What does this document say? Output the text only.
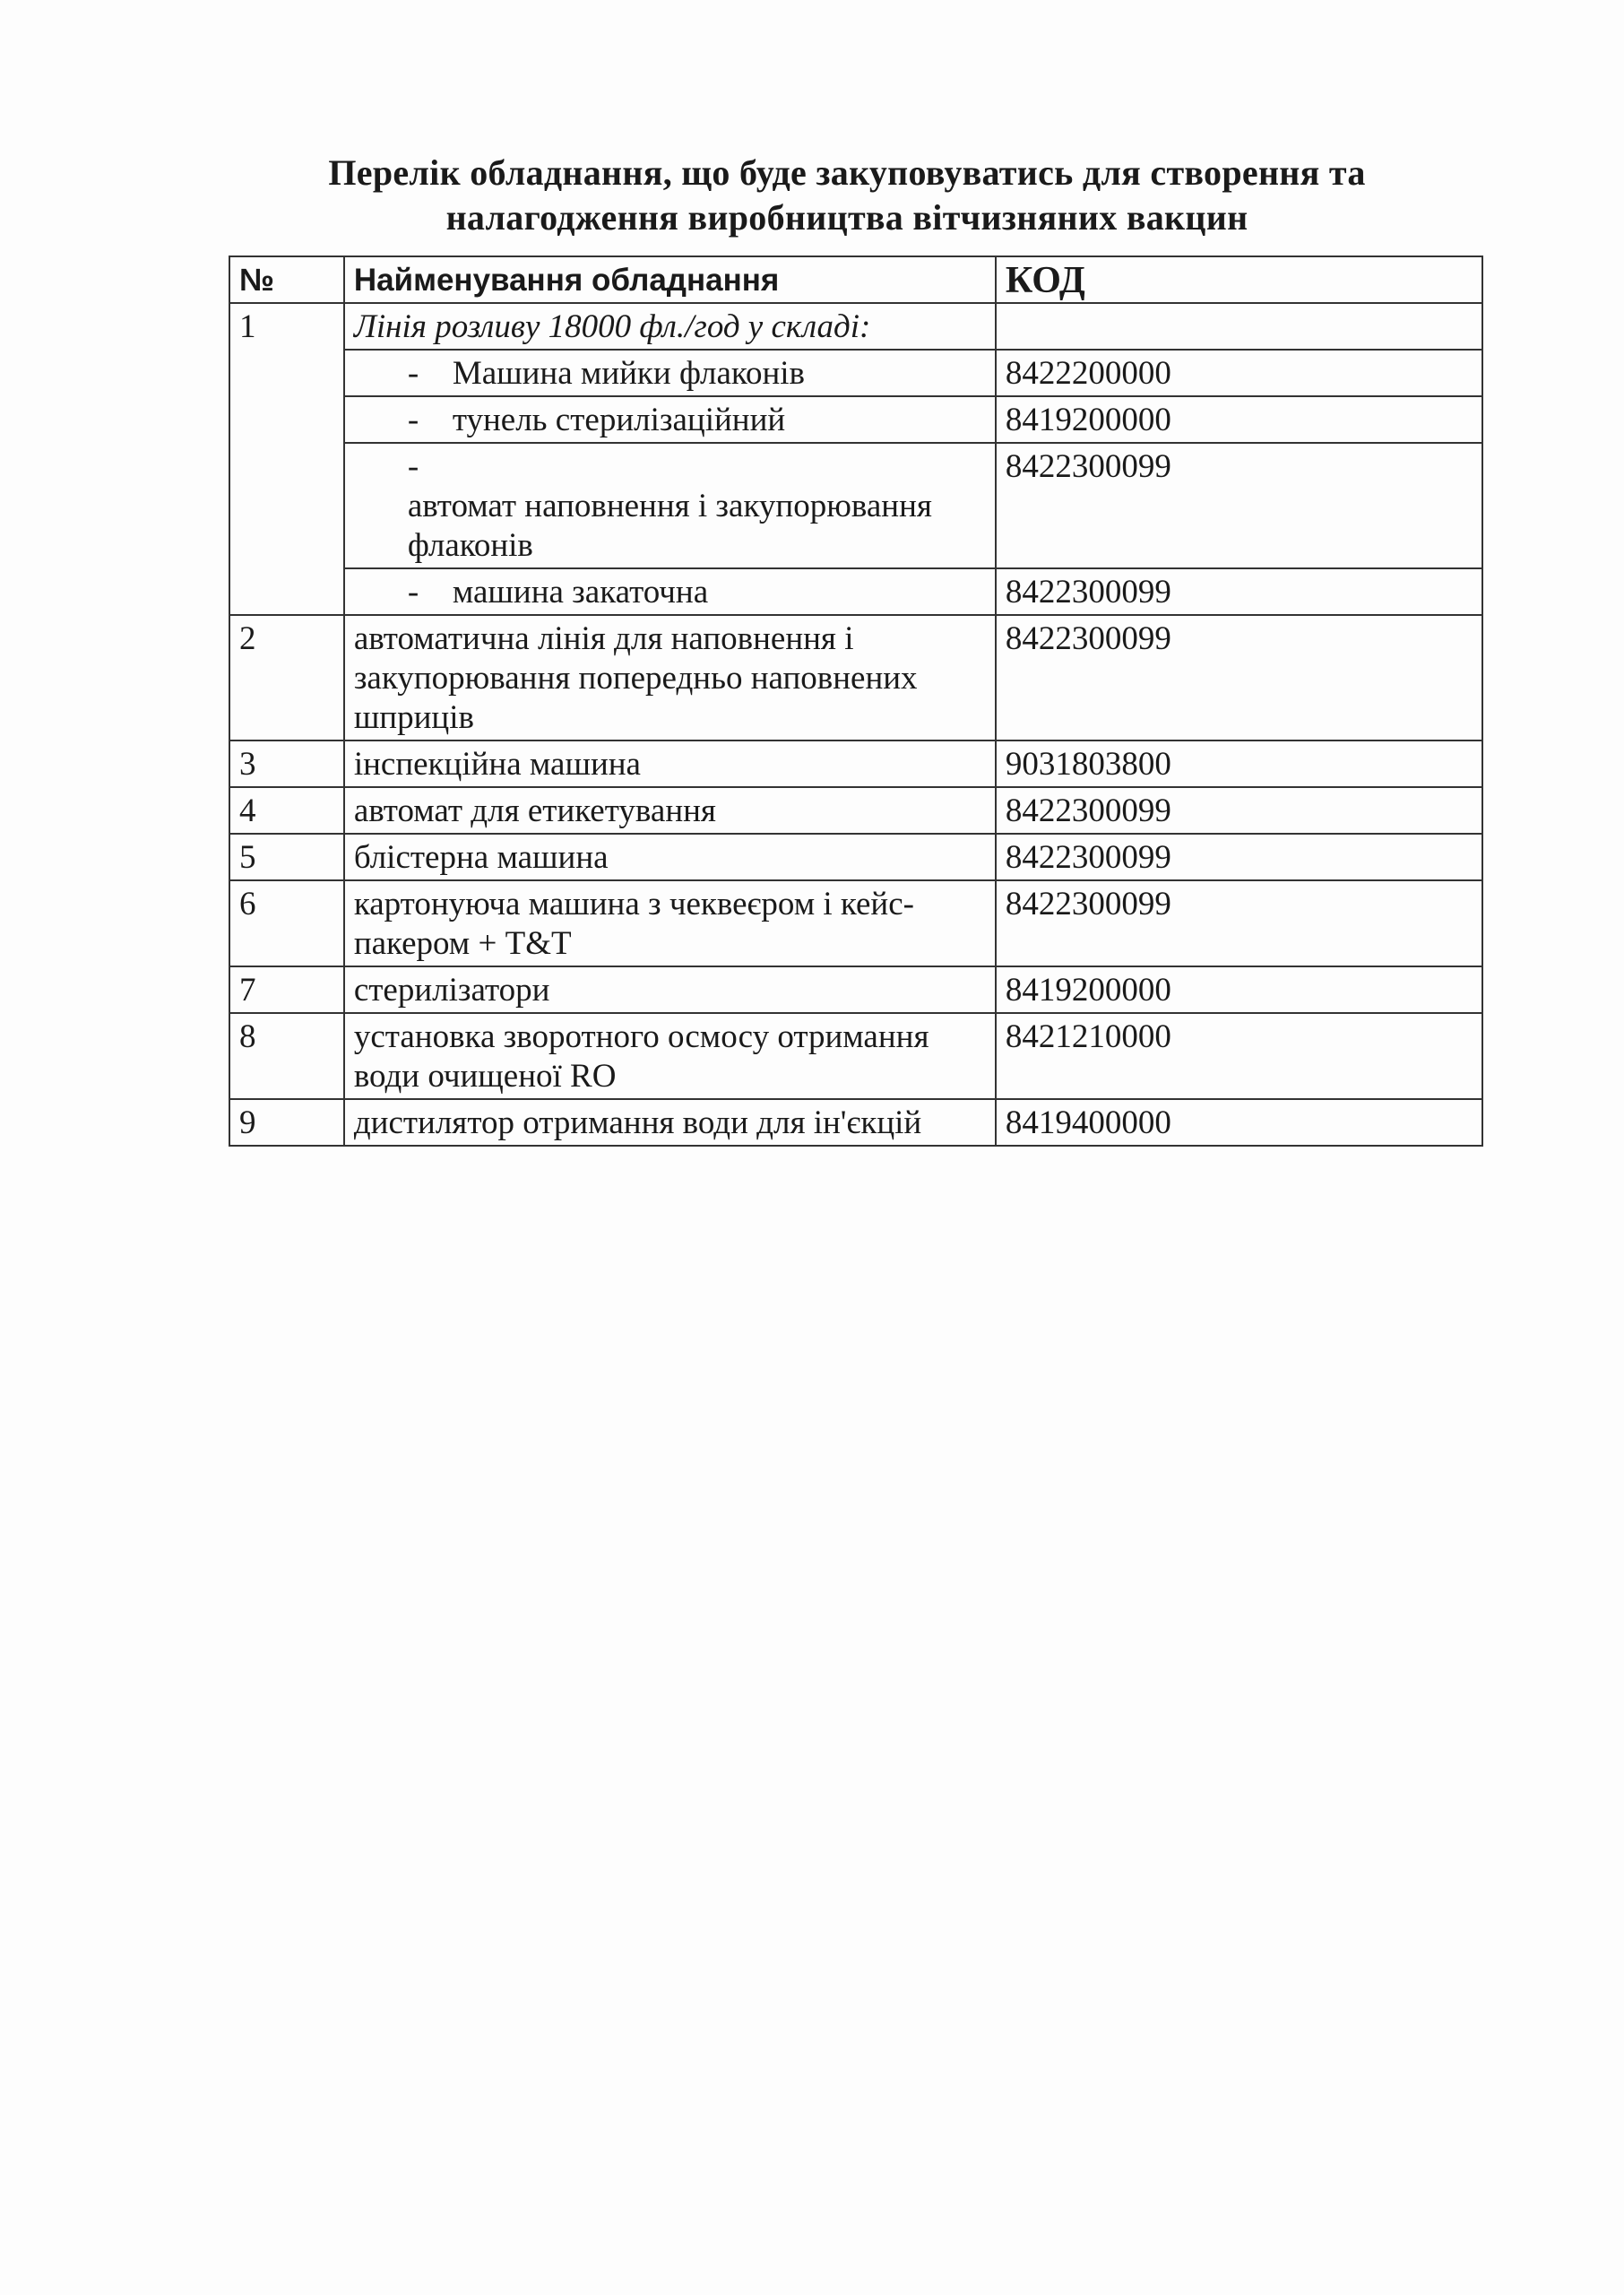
Перелік обладнання, що буде закуповуватись для створення та налагодження виробництва вітчизняних вакцин
№	Найменування обладнання	КОД
1	Лінія розливу 18000 фл./год у складі:	
	- Машина мийки флаконів	8422200000
	- тунель стерилізаційний	8419200000
	-автомат наповнення і закупорювання флаконів	8422300099
	- машина закаточна	8422300099
2	автоматична лінія для наповнення і закупорювання попередньо наповнених шприців	8422300099
3	інспекційна машина	9031803800
4	автомат для етикетування	8422300099
5	блістерна машина	8422300099
6	картонуюча машина з чеквеєром і кейс-пакером + T&T	8422300099
7	стерилізатори	8419200000
8	установка зворотного осмосу отримання води очищеної RO	8421210000
9	дистилятор отримання води для ін'єкцій	8419400000
